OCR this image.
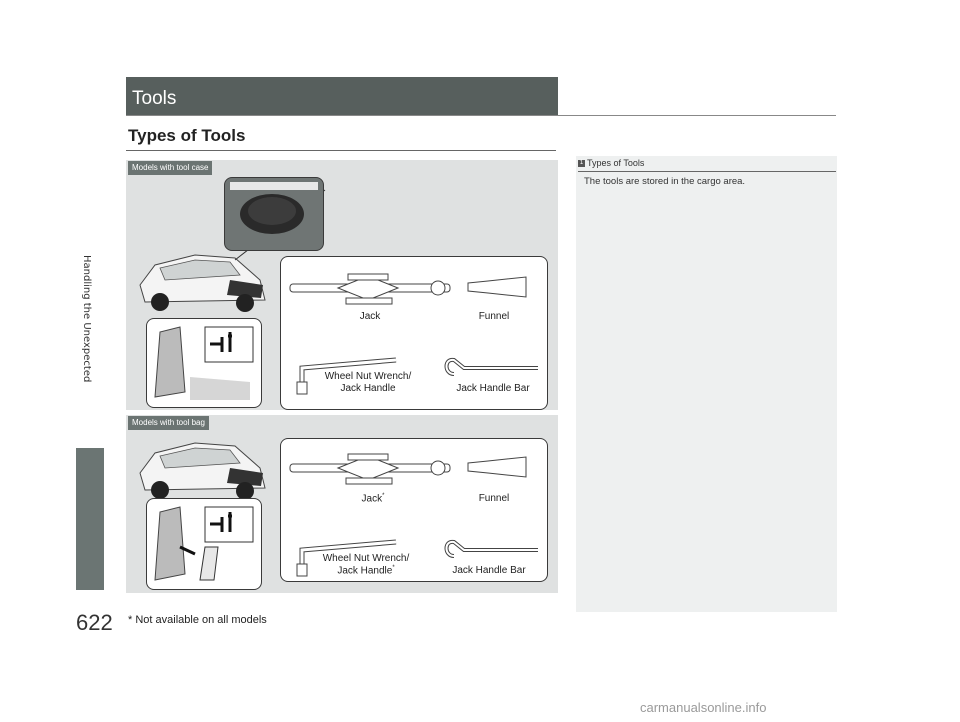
Handling the Unexpected
Tools
Types of Tools
Models with tool case
Jack	Funnel
Wheel Nut Wrench/
Jack Handle	Jack Handle Bar
Models with tool bag
Jack*	Funnel
Wheel Nut Wrench/
Jack Handle*	Jack Handle Bar
1 Types of Tools
The tools are stored in the cargo area.
622 * Not available on all models
carmanualsonline.info
